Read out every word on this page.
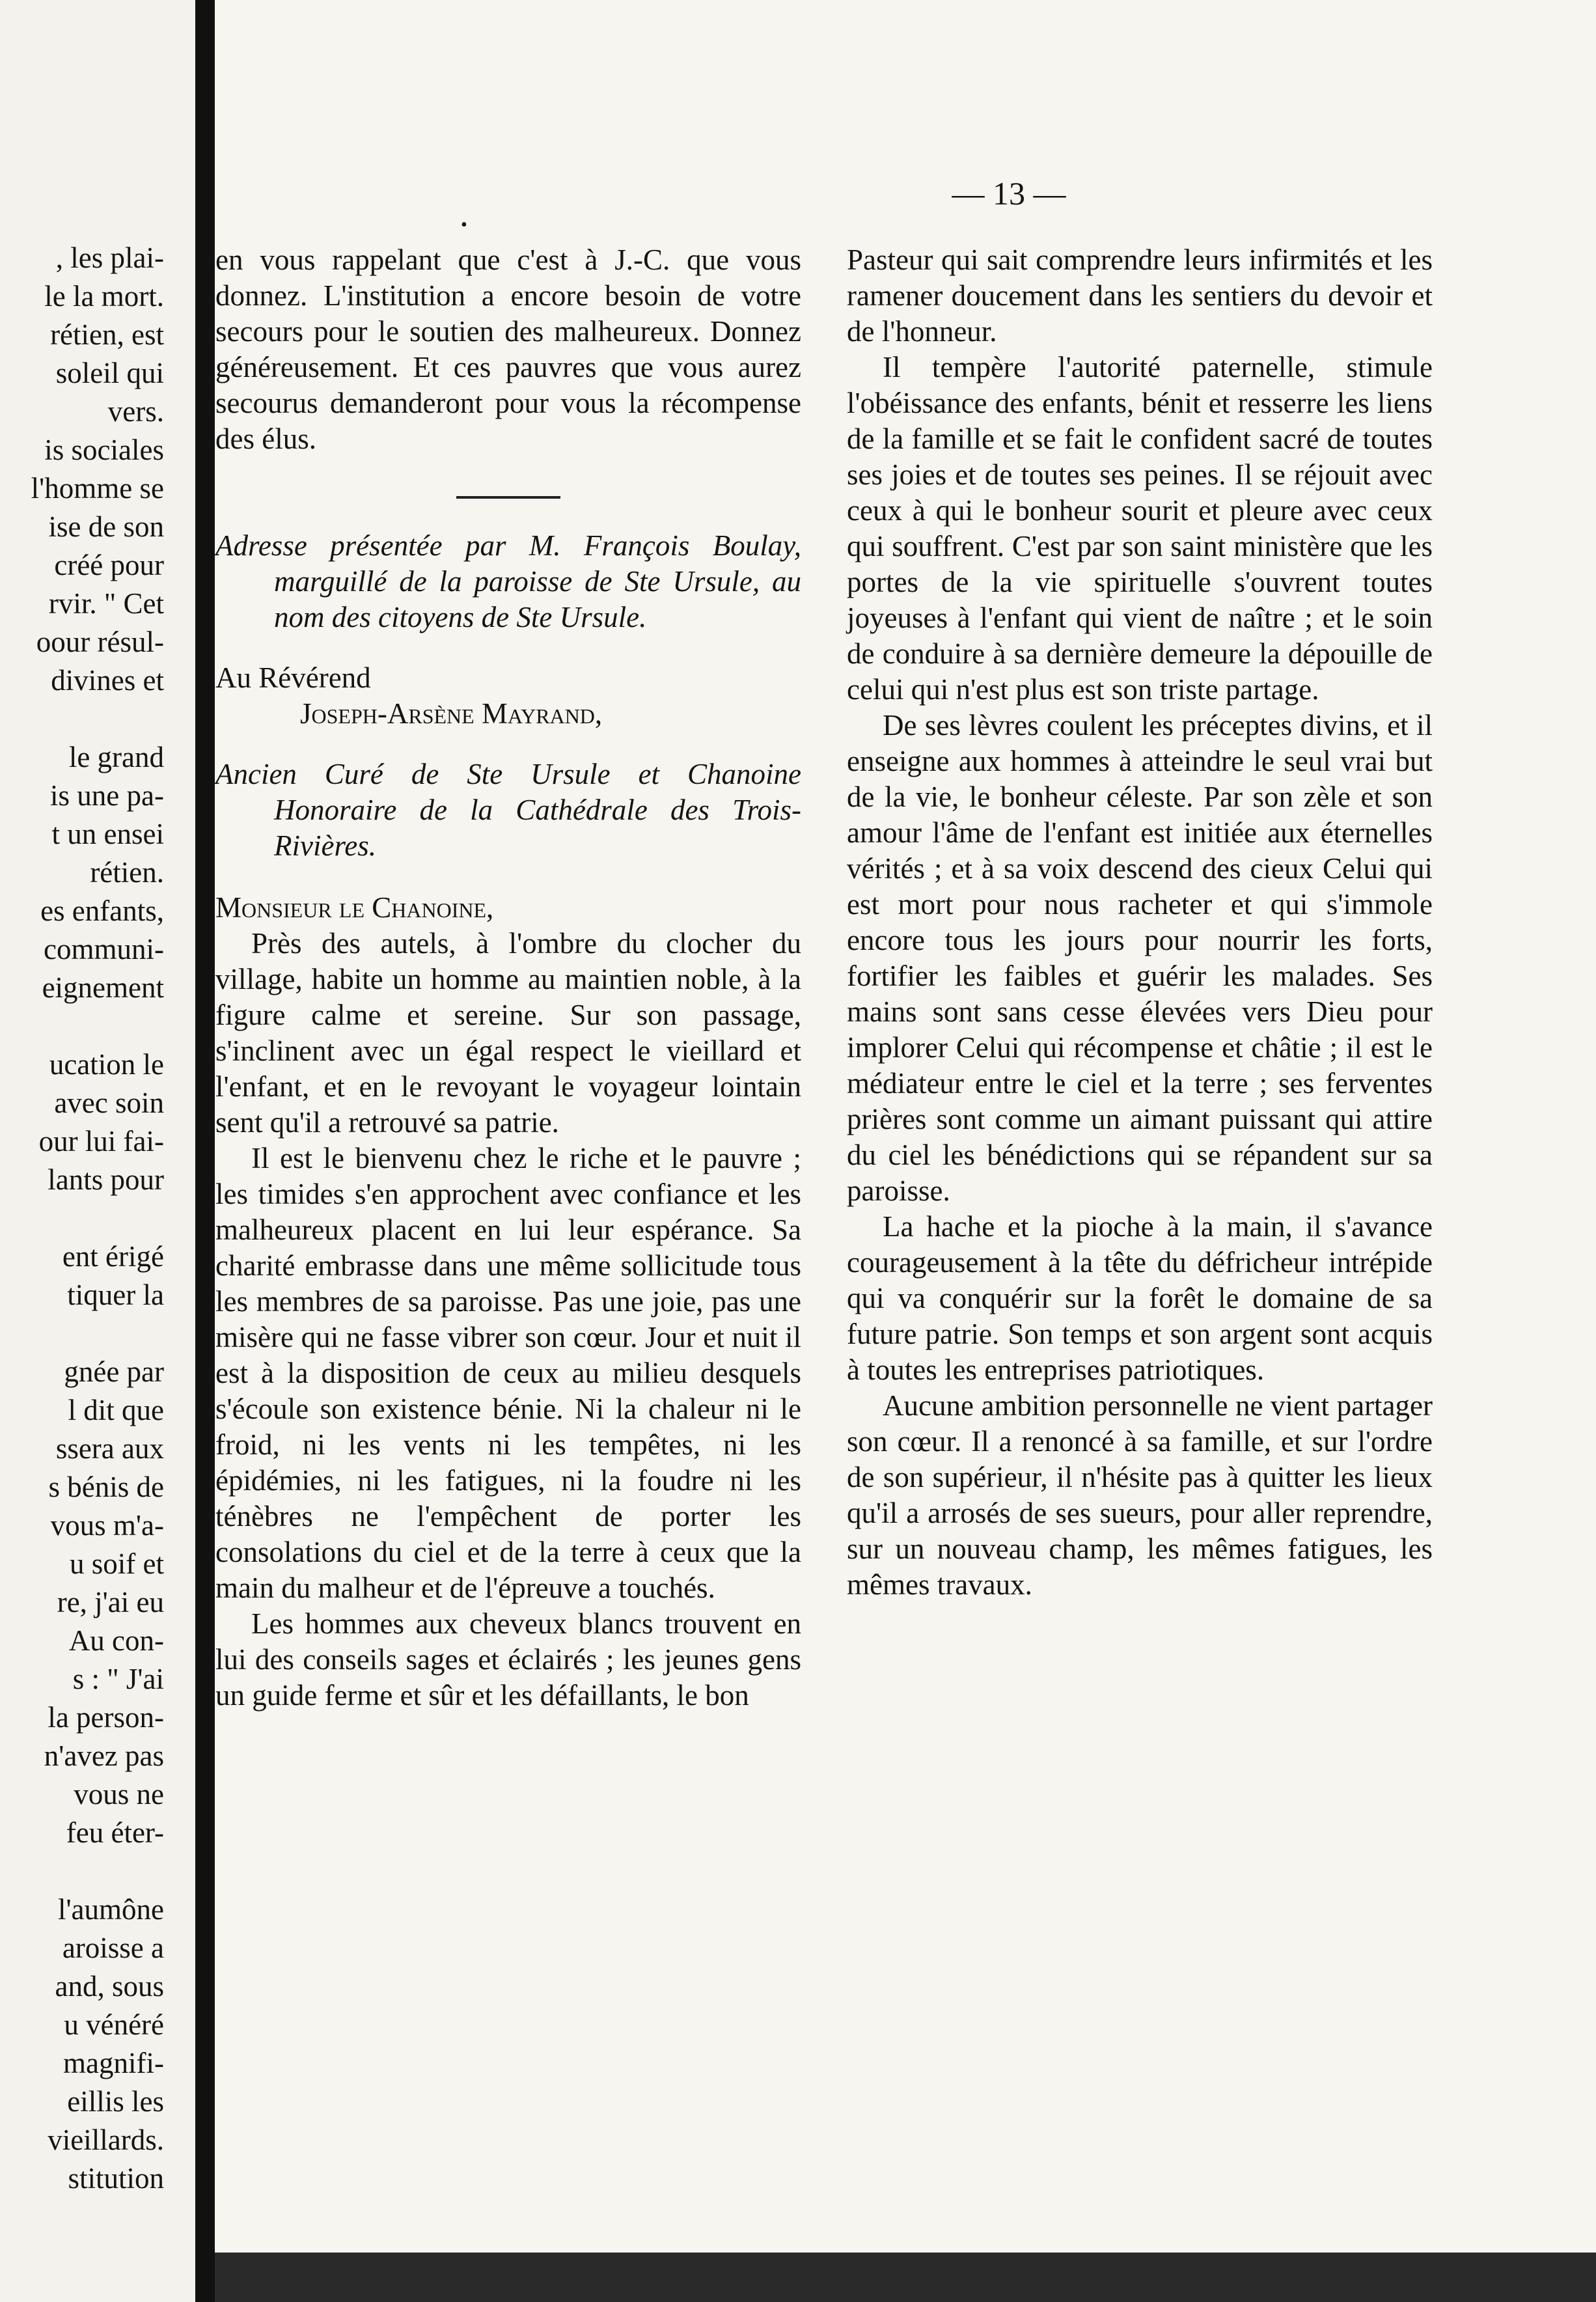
, les plai-
le la mort.
rétien, est
soleil qui
vers.
is sociales
l'homme se
ise de son
créé pour
rvir. " Cet
oour résul-
divines et
le grand
is une pa-
t un ensei
rétien.
es enfants,
communi-
eignement
ucation le
avec soin
our lui fai-
lants pour
ent érigé
tiquer la
gnée par
l dit que
ssera aux
s bénis de
vous m'a-
u soif et
re, j'ai eu
Au con-
s : " J'ai
la person-
n'avez pas
vous ne
feu éter-
l'aumône
aroisse a
and, sous
u vénéré
magnifi-
eillis les
vieillards.
stitution
— 13 —
•

en vous rappelant que c'est à J.-C. que vous donnez. L'institution a encore besoin de votre secours pour le soutien des malheureux. Donnez généreusement. Et ces pauvres que vous aurez secourus demanderont pour vous la récompense des élus.

Adresse présentée par M. François Boulay, marguillé de la paroisse de Ste Ursule, au nom des citoyens de Ste Ursule.

Au Révérend

Joseph-Arsène Mayrand,

Ancien Curé de Ste Ursule et Chanoine Honoraire de la Cathédrale des Trois-Rivières.

Monsieur le Chanoine,

Près des autels, à l'ombre du clocher du village, habite un homme au maintien noble, à la figure calme et sereine. Sur son passage, s'inclinent avec un égal respect le vieillard et l'enfant, et en le revoyant le voyageur lointain sent qu'il a retrouvé sa patrie.

Il est le bienvenu chez le riche et le pauvre ; les timides s'en approchent avec confiance et les malheureux placent en lui leur espérance. Sa charité embrasse dans une même sollicitude tous les membres de sa paroisse. Pas une joie, pas une misère qui ne fasse vibrer son cœur. Jour et nuit il est à la disposition de ceux au milieu desquels s'écoule son existence bénie. Ni la chaleur ni le froid, ni les vents ni les tempêtes, ni les épidémies, ni les fatigues, ni la foudre ni les ténèbres ne l'empêchent de porter les consolations du ciel et de la terre à ceux que la main du malheur et de l'épreuve a touchés.

Les hommes aux cheveux blancs trouvent en lui des conseils sages et éclairés ; les jeunes gens un guide ferme et sûr et les défaillants, le bon

Pasteur qui sait comprendre leurs infirmités et les ramener doucement dans les sentiers du devoir et de l'honneur.

Il tempère l'autorité paternelle, stimule l'obéissance des enfants, bénit et resserre les liens de la famille et se fait le confident sacré de toutes ses joies et de toutes ses peines. Il se réjouit avec ceux à qui le bonheur sourit et pleure avec ceux qui souffrent. C'est par son saint ministère que les portes de la vie spirituelle s'ouvrent toutes joyeuses à l'enfant qui vient de naître ; et le soin de conduire à sa dernière demeure la dépouille de celui qui n'est plus est son triste partage.

De ses lèvres coulent les préceptes divins, et il enseigne aux hommes à atteindre le seul vrai but de la vie, le bonheur céleste. Par son zèle et son amour l'âme de l'enfant est initiée aux éternelles vérités ; et à sa voix descend des cieux Celui qui est mort pour nous racheter et qui s'immole encore tous les jours pour nourrir les forts, fortifier les faibles et guérir les malades. Ses mains sont sans cesse élevées vers Dieu pour implorer Celui qui récompense et châtie ; il est le médiateur entre le ciel et la terre ; ses ferventes prières sont comme un aimant puissant qui attire du ciel les bénédictions qui se répandent sur sa paroisse.

La hache et la pioche à la main, il s'avance courageusement à la tête du défricheur intrépide qui va conquérir sur la forêt le domaine de sa future patrie. Son temps et son argent sont acquis à toutes les entreprises patriotiques.

Aucune ambition personnelle ne vient partager son cœur. Il a renoncé à sa famille, et sur l'ordre de son supérieur, il n'hésite pas à quitter les lieux qu'il a arrosés de ses sueurs, pour aller reprendre, sur un nouveau champ, les mêmes fatigues, les mêmes travaux.
